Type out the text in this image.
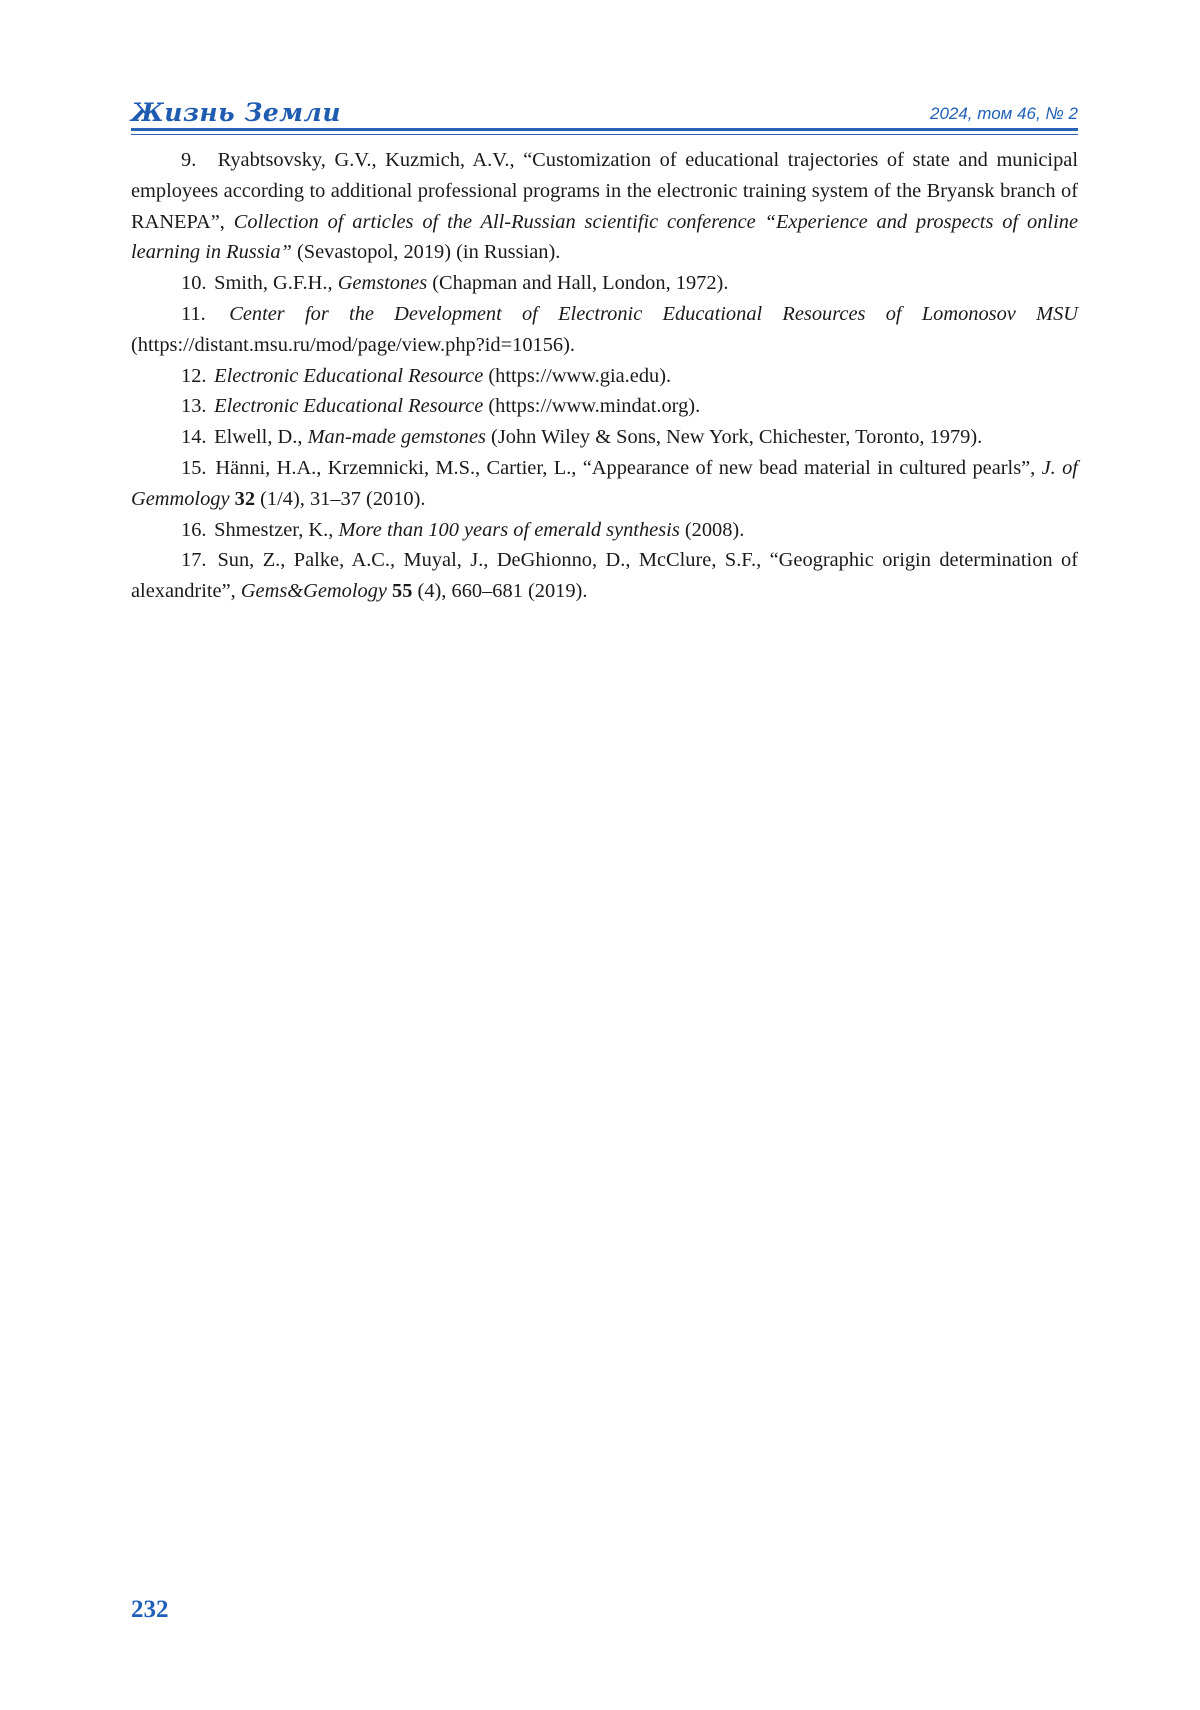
Жизнь Земли	2024, том 46, № 2

9. Ryabtsovsky, G.V., Kuzmich, A.V., “Customization of educational trajectories of state and municipal employees according to additional professional programs in the electronic training system of the Bryansk branch of RANEPA”, Collection of articles of the All-Russian scientific conference “Experience and prospects of online learning in Russia” (Sevastopol, 2019) (in Russian).

10. Smith, G.F.H., Gemstones (Chapman and Hall, London, 1972).

11. Center for the Development of Electronic Educational Resources of Lomonosov MSU (https://distant.msu.ru/mod/page/view.php?id=10156).

12. Electronic Educational Resource (https://www.gia.edu).

13. Electronic Educational Resource (https://www.mindat.org).

14. Elwell, D., Man-made gemstones (John Wiley & Sons, New York, Chichester, Toronto, 1979).

15. Hänni, H.A., Krzemnicki, M.S., Cartier, L., “Appearance of new bead material in cultured pearls”, J. of Gemmology 32 (1/4), 31–37 (2010).

16. Shmestzer, K., More than 100 years of emerald synthesis (2008).

17. Sun, Z., Palke, A.C., Muyal, J., DeGhionno, D., McClure, S.F., “Geographic origin determination of alexandrite”, Gems&Gemology 55 (4), 660–681 (2019).

232
